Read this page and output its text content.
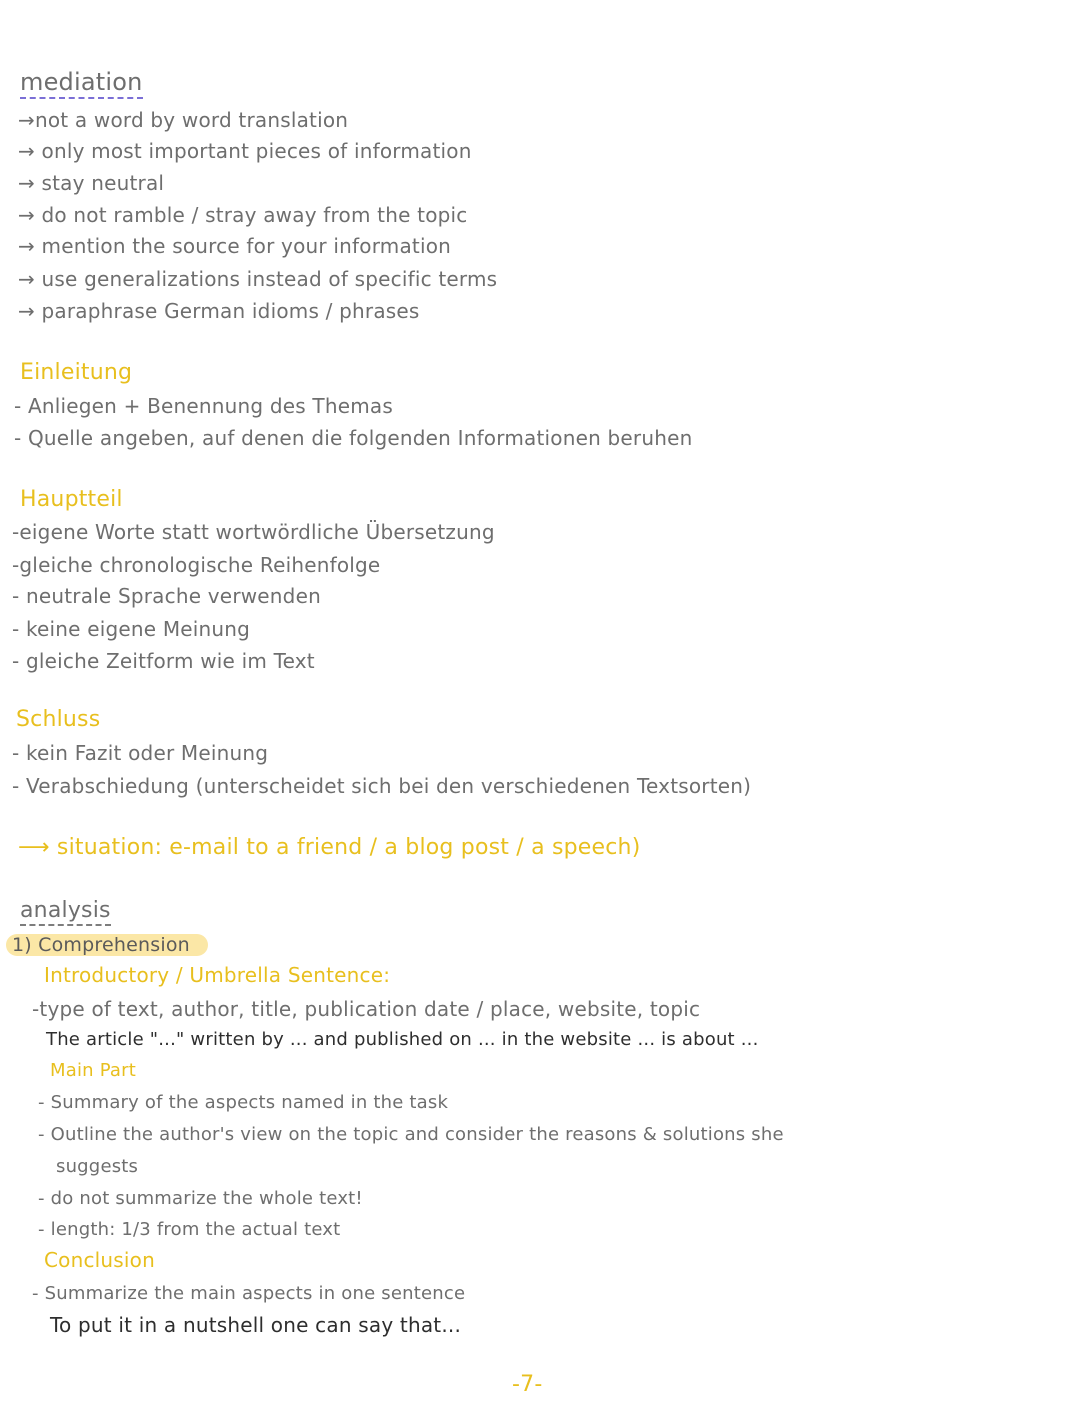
mediation
→not a word by word translation
→ only most important pieces of information
→ stay neutral
→ do not ramble / stray away from the topic
→ mention the source for your information
→ use generalizations instead of specific terms
→ paraphrase German idioms / phrases
Einleitung
- Anliegen + Benennung des Themas
- Quelle angeben, auf denen die folgenden Informationen beruhen
Hauptteil
-eigene Worte statt wortwördliche Übersetzung
-gleiche chronologische Reihenfolge
- neutrale Sprache verwenden
- keine eigene Meinung
- gleiche Zeitform wie im Text
Schluss
- kein Fazit oder Meinung
- Verabschiedung (unterscheidet sich bei den verschiedenen Textsorten)
⟶ situation: e-mail to a friend / a blog post / a speech)
analysis
1) Comprehension
Introductory / Umbrella Sentence:
-type of text, author, title, publication date / place, website, topic
The article "..." written by ... and published on ... in the website ... is about ...
Main Part
- Summary of the aspects named in the task
- Outline the author's view on the topic and consider the reasons & solutions she
suggests
- do not summarize the whole text!
- length: 1/3 from the actual text
Conclusion
- Summarize the main aspects in one sentence
To put it in a nutshell one can say that...
-7-
